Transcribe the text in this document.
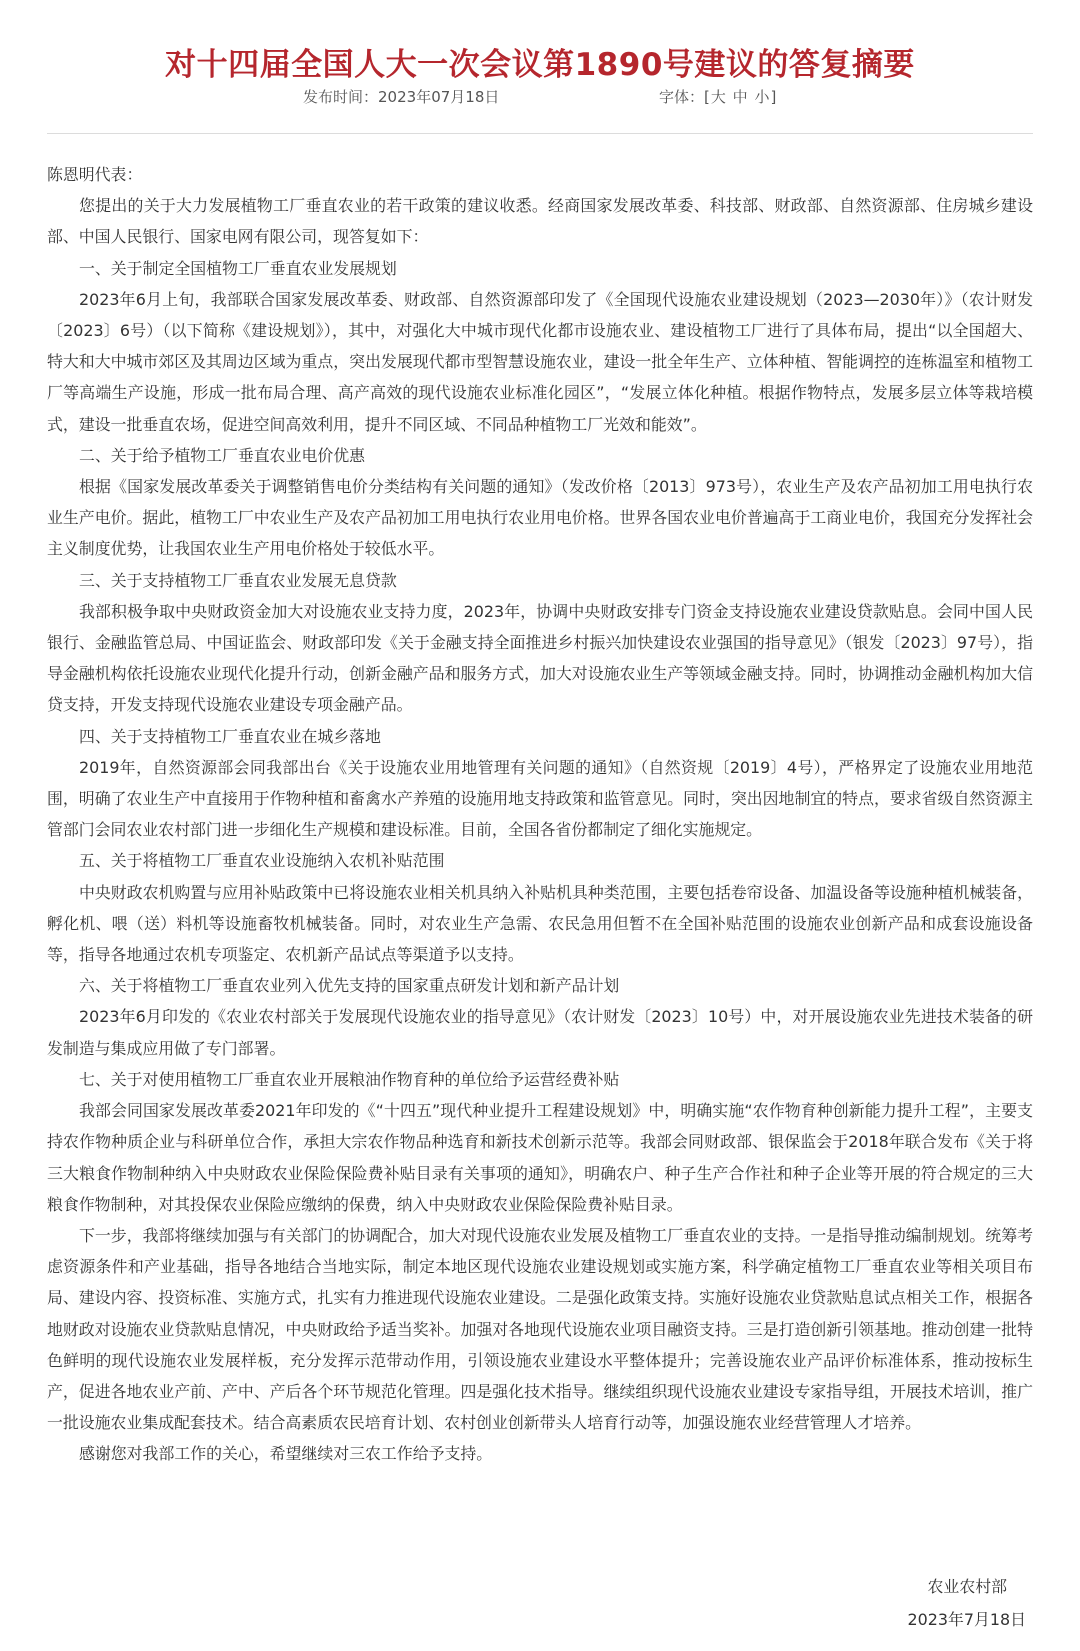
对十四届全国人大一次会议第1890号建议的答复摘要
发布时间：2023年07月18日	字体：[大 中 小]

陈恩明代表：

您提出的关于大力发展植物工厂垂直农业的若干政策的建议收悉。经商国家发展改革委、科技部、财政部、自然资源部、住房城乡建设部、中国人民银行、国家电网有限公司，现答复如下：

一、关于制定全国植物工厂垂直农业发展规划

2023年6月上旬，我部联合国家发展改革委、财政部、自然资源部印发了《全国现代设施农业建设规划（2023—2030年）》（农计财发〔2023〕6号）（以下简称《建设规划》），其中，对强化大中城市现代化都市设施农业、建设植物工厂进行了具体布局，提出“以全国超大、特大和大中城市郊区及其周边区域为重点，突出发展现代都市型智慧设施农业，建设一批全年生产、立体种植、智能调控的连栋温室和植物工厂等高端生产设施，形成一批布局合理、高产高效的现代设施农业标准化园区”，“发展立体化种植。根据作物特点，发展多层立体等栽培模式，建设一批垂直农场，促进空间高效利用，提升不同区域、不同品种植物工厂光效和能效”。

二、关于给予植物工厂垂直农业电价优惠

根据《国家发展改革委关于调整销售电价分类结构有关问题的通知》（发改价格〔2013〕973号），农业生产及农产品初加工用电执行农业生产电价。据此，植物工厂中农业生产及农产品初加工用电执行农业用电价格。世界各国农业电价普遍高于工商业电价，我国充分发挥社会主义制度优势，让我国农业生产用电价格处于较低水平。

三、关于支持植物工厂垂直农业发展无息贷款

我部积极争取中央财政资金加大对设施农业支持力度，2023年，协调中央财政安排专门资金支持设施农业建设贷款贴息。会同中国人民银行、金融监管总局、中国证监会、财政部印发《关于金融支持全面推进乡村振兴加快建设农业强国的指导意见》（银发〔2023〕97号），指导金融机构依托设施农业现代化提升行动，创新金融产品和服务方式，加大对设施农业生产等领域金融支持。同时，协调推动金融机构加大信贷支持，开发支持现代设施农业建设专项金融产品。

四、关于支持植物工厂垂直农业在城乡落地

2019年，自然资源部会同我部出台《关于设施农业用地管理有关问题的通知》（自然资规〔2019〕4号），严格界定了设施农业用地范围，明确了农业生产中直接用于作物种植和畜禽水产养殖的设施用地支持政策和监管意见。同时，突出因地制宜的特点，要求省级自然资源主管部门会同农业农村部门进一步细化生产规模和建设标准。目前，全国各省份都制定了细化实施规定。

五、关于将植物工厂垂直农业设施纳入农机补贴范围

中央财政农机购置与应用补贴政策中已将设施农业相关机具纳入补贴机具种类范围，主要包括卷帘设备、加温设备等设施种植机械装备，孵化机、喂（送）料机等设施畜牧机械装备。同时，对农业生产急需、农民急用但暂不在全国补贴范围的设施农业创新产品和成套设施设备等，指导各地通过农机专项鉴定、农机新产品试点等渠道予以支持。

六、关于将植物工厂垂直农业列入优先支持的国家重点研发计划和新产品计划

2023年6月印发的《农业农村部关于发展现代设施农业的指导意见》（农计财发〔2023〕10号）中，对开展设施农业先进技术装备的研发制造与集成应用做了专门部署。

七、关于对使用植物工厂垂直农业开展粮油作物育种的单位给予运营经费补贴

我部会同国家发展改革委2021年印发的《“十四五”现代种业提升工程建设规划》中，明确实施“农作物育种创新能力提升工程”，主要支持农作物种质企业与科研单位合作，承担大宗农作物品种选育和新技术创新示范等。我部会同财政部、银保监会于2018年联合发布《关于将三大粮食作物制种纳入中央财政农业保险保险费补贴目录有关事项的通知》，明确农户、种子生产合作社和种子企业等开展的符合规定的三大粮食作物制种，对其投保农业保险应缴纳的保费，纳入中央财政农业保险保险费补贴目录。

下一步，我部将继续加强与有关部门的协调配合，加大对现代设施农业发展及植物工厂垂直农业的支持。一是指导推动编制规划。统筹考虑资源条件和产业基础，指导各地结合当地实际，制定本地区现代设施农业建设规划或实施方案，科学确定植物工厂垂直农业等相关项目布局、建设内容、投资标准、实施方式，扎实有力推进现代设施农业建设。二是强化政策支持。实施好设施农业贷款贴息试点相关工作，根据各地财政对设施农业贷款贴息情况，中央财政给予适当奖补。加强对各地现代设施农业项目融资支持。三是打造创新引领基地。推动创建一批特色鲜明的现代设施农业发展样板，充分发挥示范带动作用，引领设施农业建设水平整体提升；完善设施农业产品评价标准体系，推动按标生产，促进各地农业产前、产中、产后各个环节规范化管理。四是强化技术指导。继续组织现代设施农业建设专家指导组，开展技术培训，推广一批设施农业集成配套技术。结合高素质农民培育计划、农村创业创新带头人培育行动等，加强设施农业经营管理人才培养。

感谢您对我部工作的关心，希望继续对三农工作给予支持。

农业农村部
2023年7月18日
